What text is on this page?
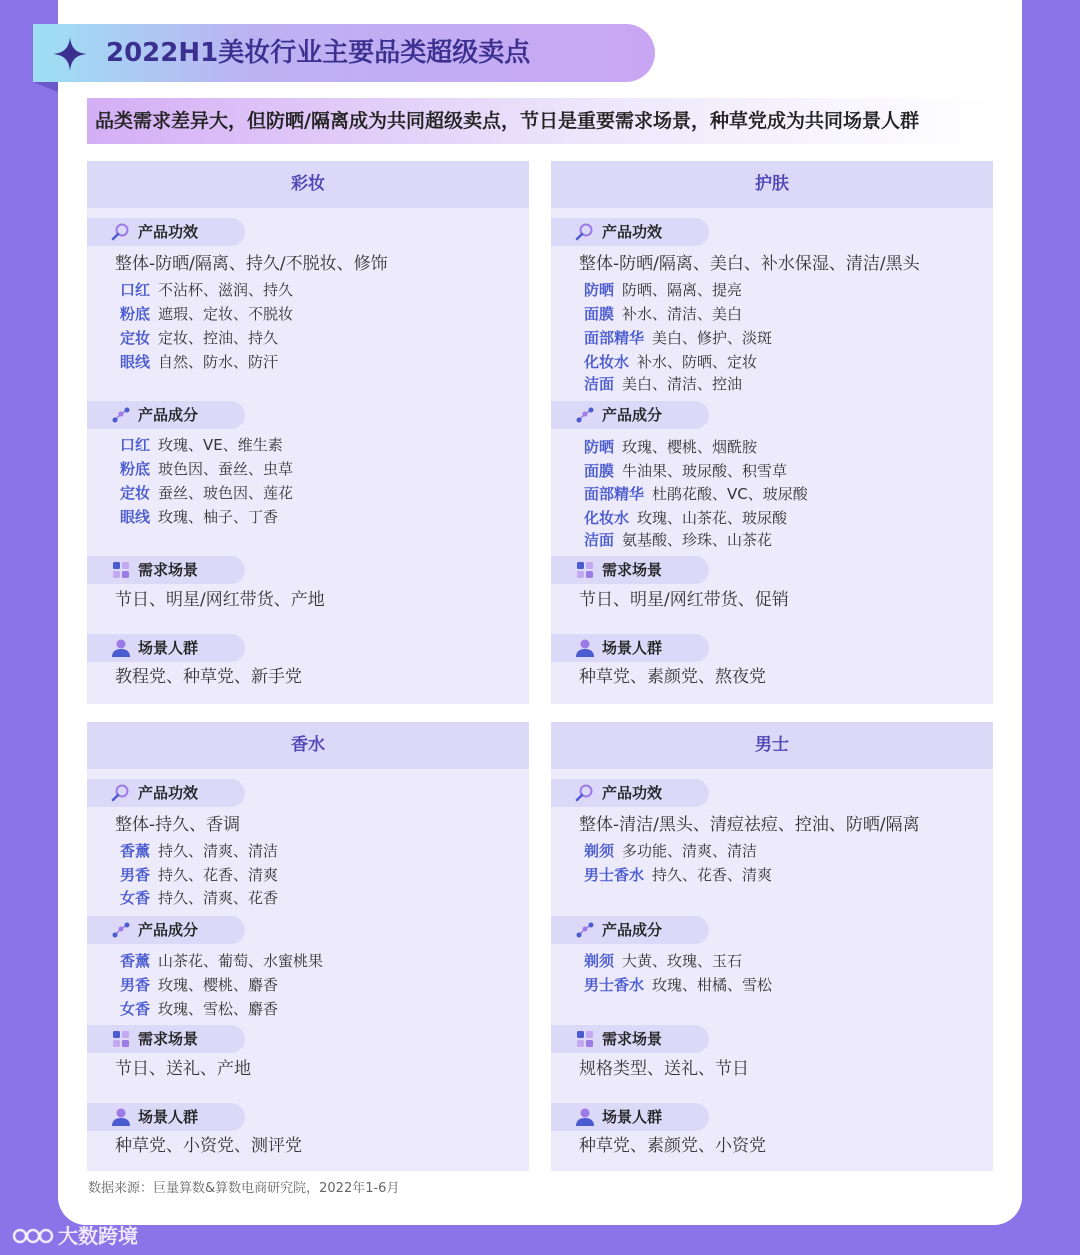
2022H1美妆行业主要品类超级卖点
品类需求差异大，但防晒/隔离成为共同超级卖点，节日是重要需求场景，种草党成为共同场景人群
彩妆
产品功效
整体-防晒/隔离、持久/不脱妆、修饰
口红 不沾杯、滋润、持久
粉底 遮瑕、定妆、不脱妆
定妆 定妆、控油、持久
眼线 自然、防水、防汗
产品成分
口红 玫瑰、VE、维生素
粉底 玻色因、蚕丝、虫草
定妆 蚕丝、玻色因、莲花
眼线 玫瑰、柚子、丁香
需求场景
节日、明星/网红带货、产地
场景人群
教程党、种草党、新手党
护肤
产品功效
整体-防晒/隔离、美白、补水保湿、清洁/黑头
防晒 防晒、隔离、提亮
面膜 补水、清洁、美白
面部精华 美白、修护、淡斑
化妆水 补水、防晒、定妆
洁面 美白、清洁、控油
产品成分
防晒 玫瑰、樱桃、烟酰胺
面膜 牛油果、玻尿酸、积雪草
面部精华 杜鹃花酸、VC、玻尿酸
化妆水 玫瑰、山茶花、玻尿酸
洁面 氨基酸、珍珠、山茶花
需求场景
节日、明星/网红带货、促销
场景人群
种草党、素颜党、熬夜党
香水
产品功效
整体-持久、香调
香薰 持久、清爽、清洁
男香 持久、花香、清爽
女香 持久、清爽、花香
产品成分
香薰 山茶花、葡萄、水蜜桃果
男香 玫瑰、樱桃、麝香
女香 玫瑰、雪松、麝香
需求场景
节日、送礼、产地
场景人群
种草党、小资党、测评党
男士
产品功效
整体-清洁/黑头、清痘祛痘、控油、防晒/隔离
剃须 多功能、清爽、清洁
男士香水 持久、花香、清爽
产品成分
剃须 大黄、玫瑰、玉石
男士香水 玫瑰、柑橘、雪松
需求场景
规格类型、送礼、节日
场景人群
种草党、素颜党、小资党
数据来源：巨量算数&算数电商研究院，2022年1-6月
大数跨境
